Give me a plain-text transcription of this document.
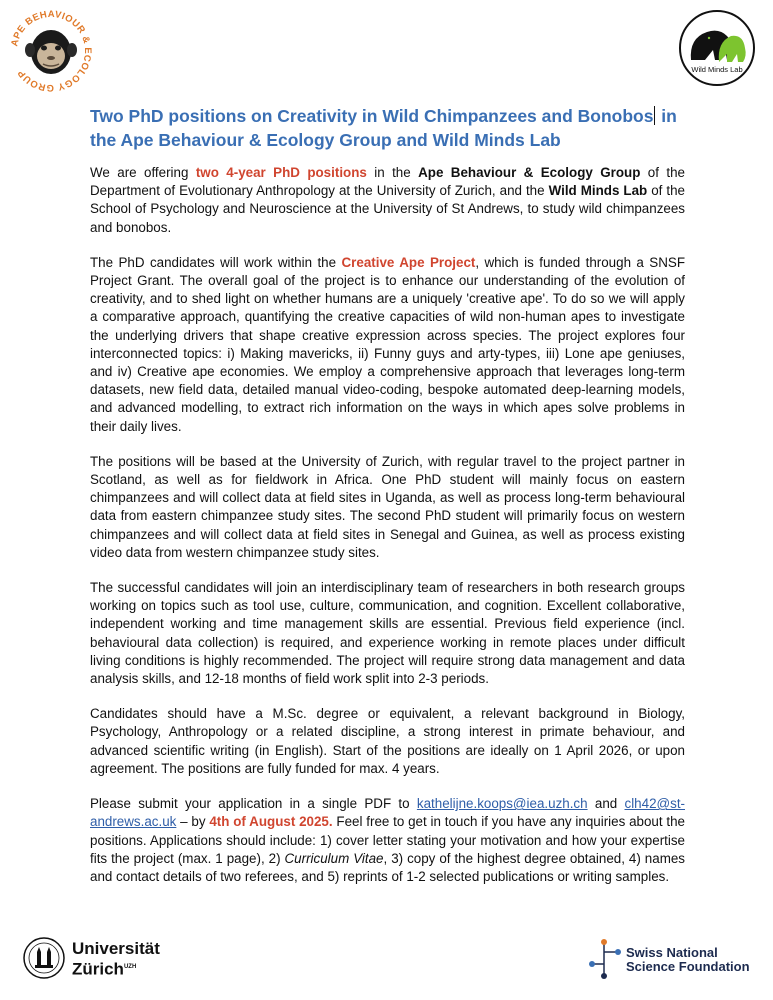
APE BEHAVIOUR & ECOLOGY GROUP	Wild Minds Lab
Two PhD positions on Creativity in Wild Chimpanzees and Bonobos in the Ape Behaviour & Ecology Group and Wild Minds Lab

We are offering two 4-year PhD positions in the Ape Behaviour & Ecology Group of the Department of Evolutionary Anthropology at the University of Zurich, and the Wild Minds Lab of the School of Psychology and Neuroscience at the University of St Andrews, to study wild chimpanzees and bonobos.

The PhD candidates will work within the Creative Ape Project, which is funded through a SNSF Project Grant. The overall goal of the project is to enhance our understanding of the evolution of creativity, and to shed light on whether humans are a uniquely 'creative ape'. To do so we will apply a comparative approach, quantifying the creative capacities of wild non-human apes to investigate the underlying drivers that shape creative expression across species. The project explores four interconnected topics: i) Making mavericks, ii) Funny guys and arty-types, iii) Lone ape geniuses, and iv) Creative ape economies. We employ a comprehensive approach that leverages long-term datasets, new field data, detailed manual video-coding, bespoke automated deep-learning models, and advanced modelling, to extract rich information on the ways in which apes solve problems in their daily lives.

The positions will be based at the University of Zurich, with regular travel to the project partner in Scotland, as well as for fieldwork in Africa. One PhD student will mainly focus on eastern chimpanzees and will collect data at field sites in Uganda, as well as process long-term behavioural data from eastern chimpanzee study sites. The second PhD student will primarily focus on western chimpanzees and will collect data at field sites in Senegal and Guinea, as well as process existing video data from western chimpanzee study sites.

The successful candidates will join an interdisciplinary team of researchers in both research groups working on topics such as tool use, culture, communication, and cognition. Excellent collaborative, independent working and time management skills are essential. Previous field experience (incl. behavioural data collection) is required, and experience working in remote places under difficult living conditions is highly recommended. The project will require strong data management and data analysis skills, and 12-18 months of field work split into 2-3 periods.

Candidates should have a M.Sc. degree or equivalent, a relevant background in Biology, Psychology, Anthropology or a related discipline, a strong interest in primate behaviour, and advanced scientific writing (in English). Start of the positions are ideally on 1 April 2026, or upon agreement. The positions are fully funded for max. 4 years.

Please submit your application in a single PDF to kathelijne.koops@iea.uzh.ch and clh42@st-andrews.ac.uk – by 4th of August 2025. Feel free to get in touch if you have any inquiries about the positions. Applications should include: 1) cover letter stating your motivation and how your expertise fits the project (max. 1 page), 2) Curriculum Vitae, 3) copy of the highest degree obtained, 4) names and contact details of two referees, and 5) reprints of 1-2 selected publications or writing samples.

Universität
Zürich$^{UZH}$
Swiss National
Science Foundation
